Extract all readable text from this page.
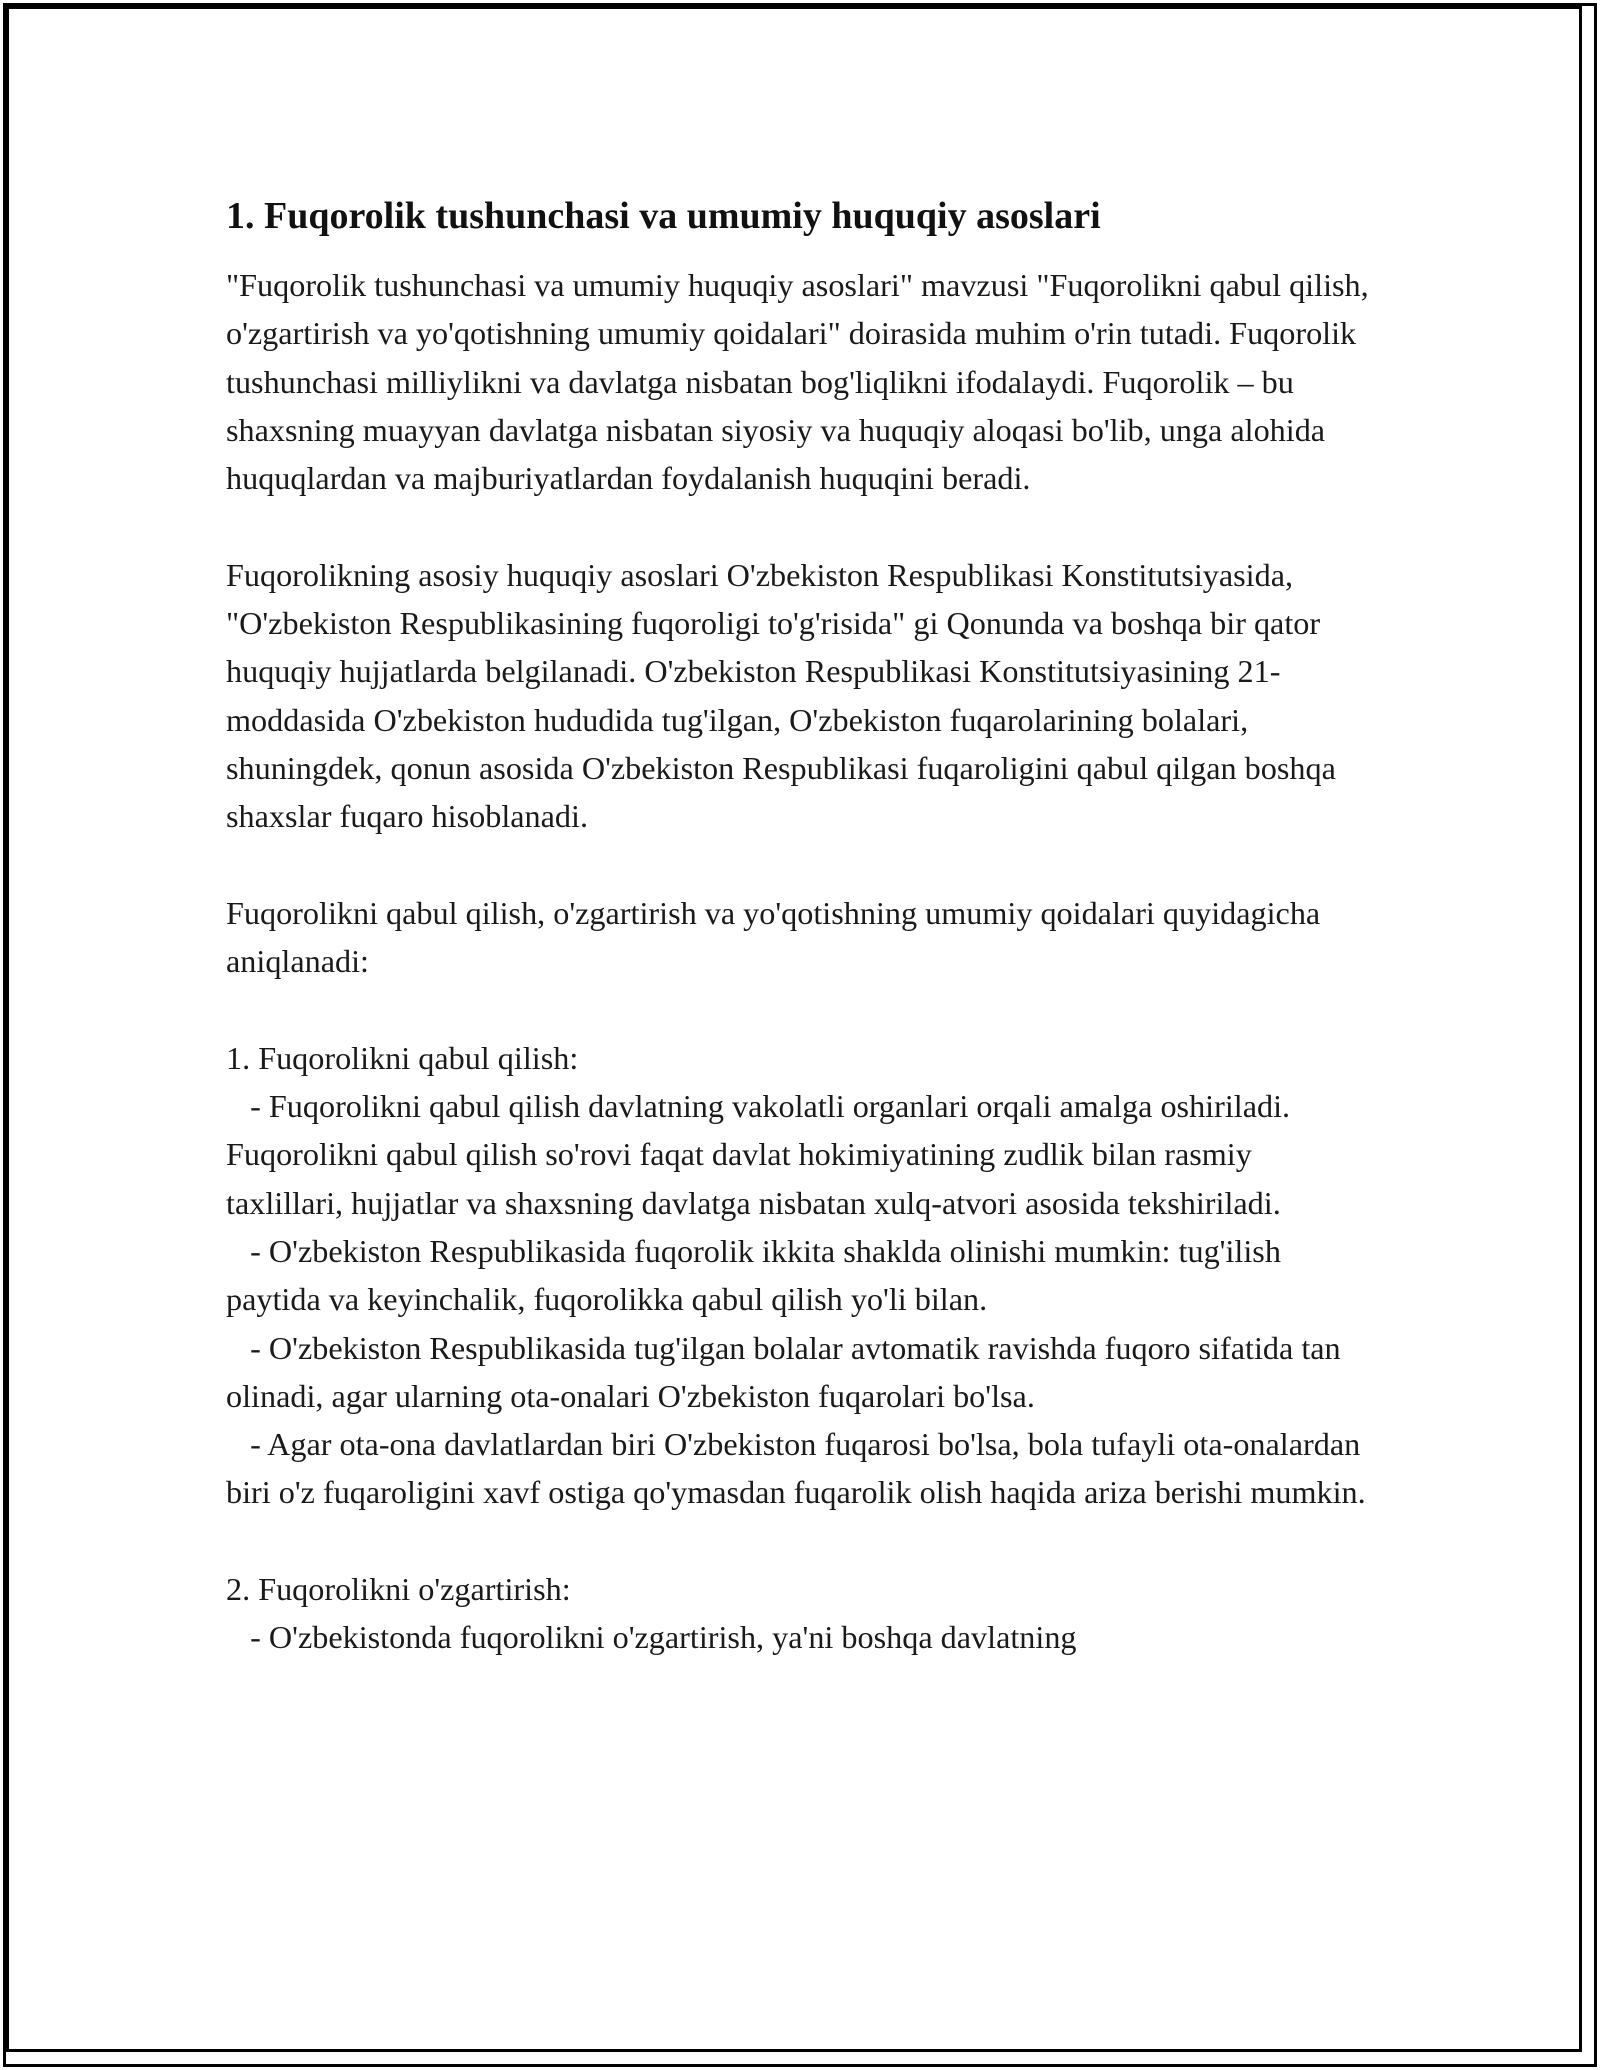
1. Fuqorolik tushunchasi va umumiy huquqiy asoslari
"Fuqorolik tushunchasi va umumiy huquqiy asoslari" mavzusi "Fuqorolikni qabul qilish, o'zgartirish va yo'qotishning umumiy qoidalari" doirasida muhim o'rin tutadi. Fuqorolik tushunchasi milliylikni va davlatga nisbatan bog'liqlikni ifodalaydi. Fuqorolik – bu shaxsning muayyan davlatga nisbatan siyosiy va huquqiy aloqasi bo'lib, unga alohida huquqlardan va majburiyatlardan foydalanish huquqini beradi.
Fuqorolikning asosiy huquqiy asoslari O'zbekiston Respublikasi Konstitutsiyasida, "O'zbekiston Respublikasining fuqoroligi to'g'risida" gi Qonunda va boshqa bir qator huquqiy hujjatlarda belgilanadi. O'zbekiston Respublikasi Konstitutsiyasining 21-moddasida O'zbekiston hududida tug'ilgan, O'zbekiston fuqarolarining bolalari, shuningdek, qonun asosida O'zbekiston Respublikasi fuqaroligini qabul qilgan boshqa shaxslar fuqaro hisoblanadi.
Fuqorolikni qabul qilish, o'zgartirish va yo'qotishning umumiy qoidalari quyidagicha aniqlanadi:
1. Fuqorolikni qabul qilish:
- Fuqorolikni qabul qilish davlatning vakolatli organlari orqali amalga oshiriladi. Fuqorolikni qabul qilish so'rovi faqat davlat hokimiyatining zudlik bilan rasmiy taxlillari, hujjatlar va shaxsning davlatga nisbatan xulq-atvori asosida tekshiriladi.
- O'zbekiston Respublikasida fuqorolik ikkita shaklda olinishi mumkin: tug'ilish paytida va keyinchalik, fuqorolikka qabul qilish yo'li bilan.
- O'zbekiston Respublikasida tug'ilgan bolalar avtomatik ravishda fuqoro sifatida tan olinadi, agar ularning ota-onalari O'zbekiston fuqarolari bo'lsa.
- Agar ota-ona davlatlardan biri O'zbekiston fuqarosi bo'lsa, bola tufayli ota-onalardan biri o'z fuqaroligini xavf ostiga qo'ymasdan fuqarolik olish haqida ariza berishi mumkin.
2. Fuqorolikni o'zgartirish:
- O'zbekistonda fuqorolikni o'zgartirish, ya'ni boshqa davlatning
